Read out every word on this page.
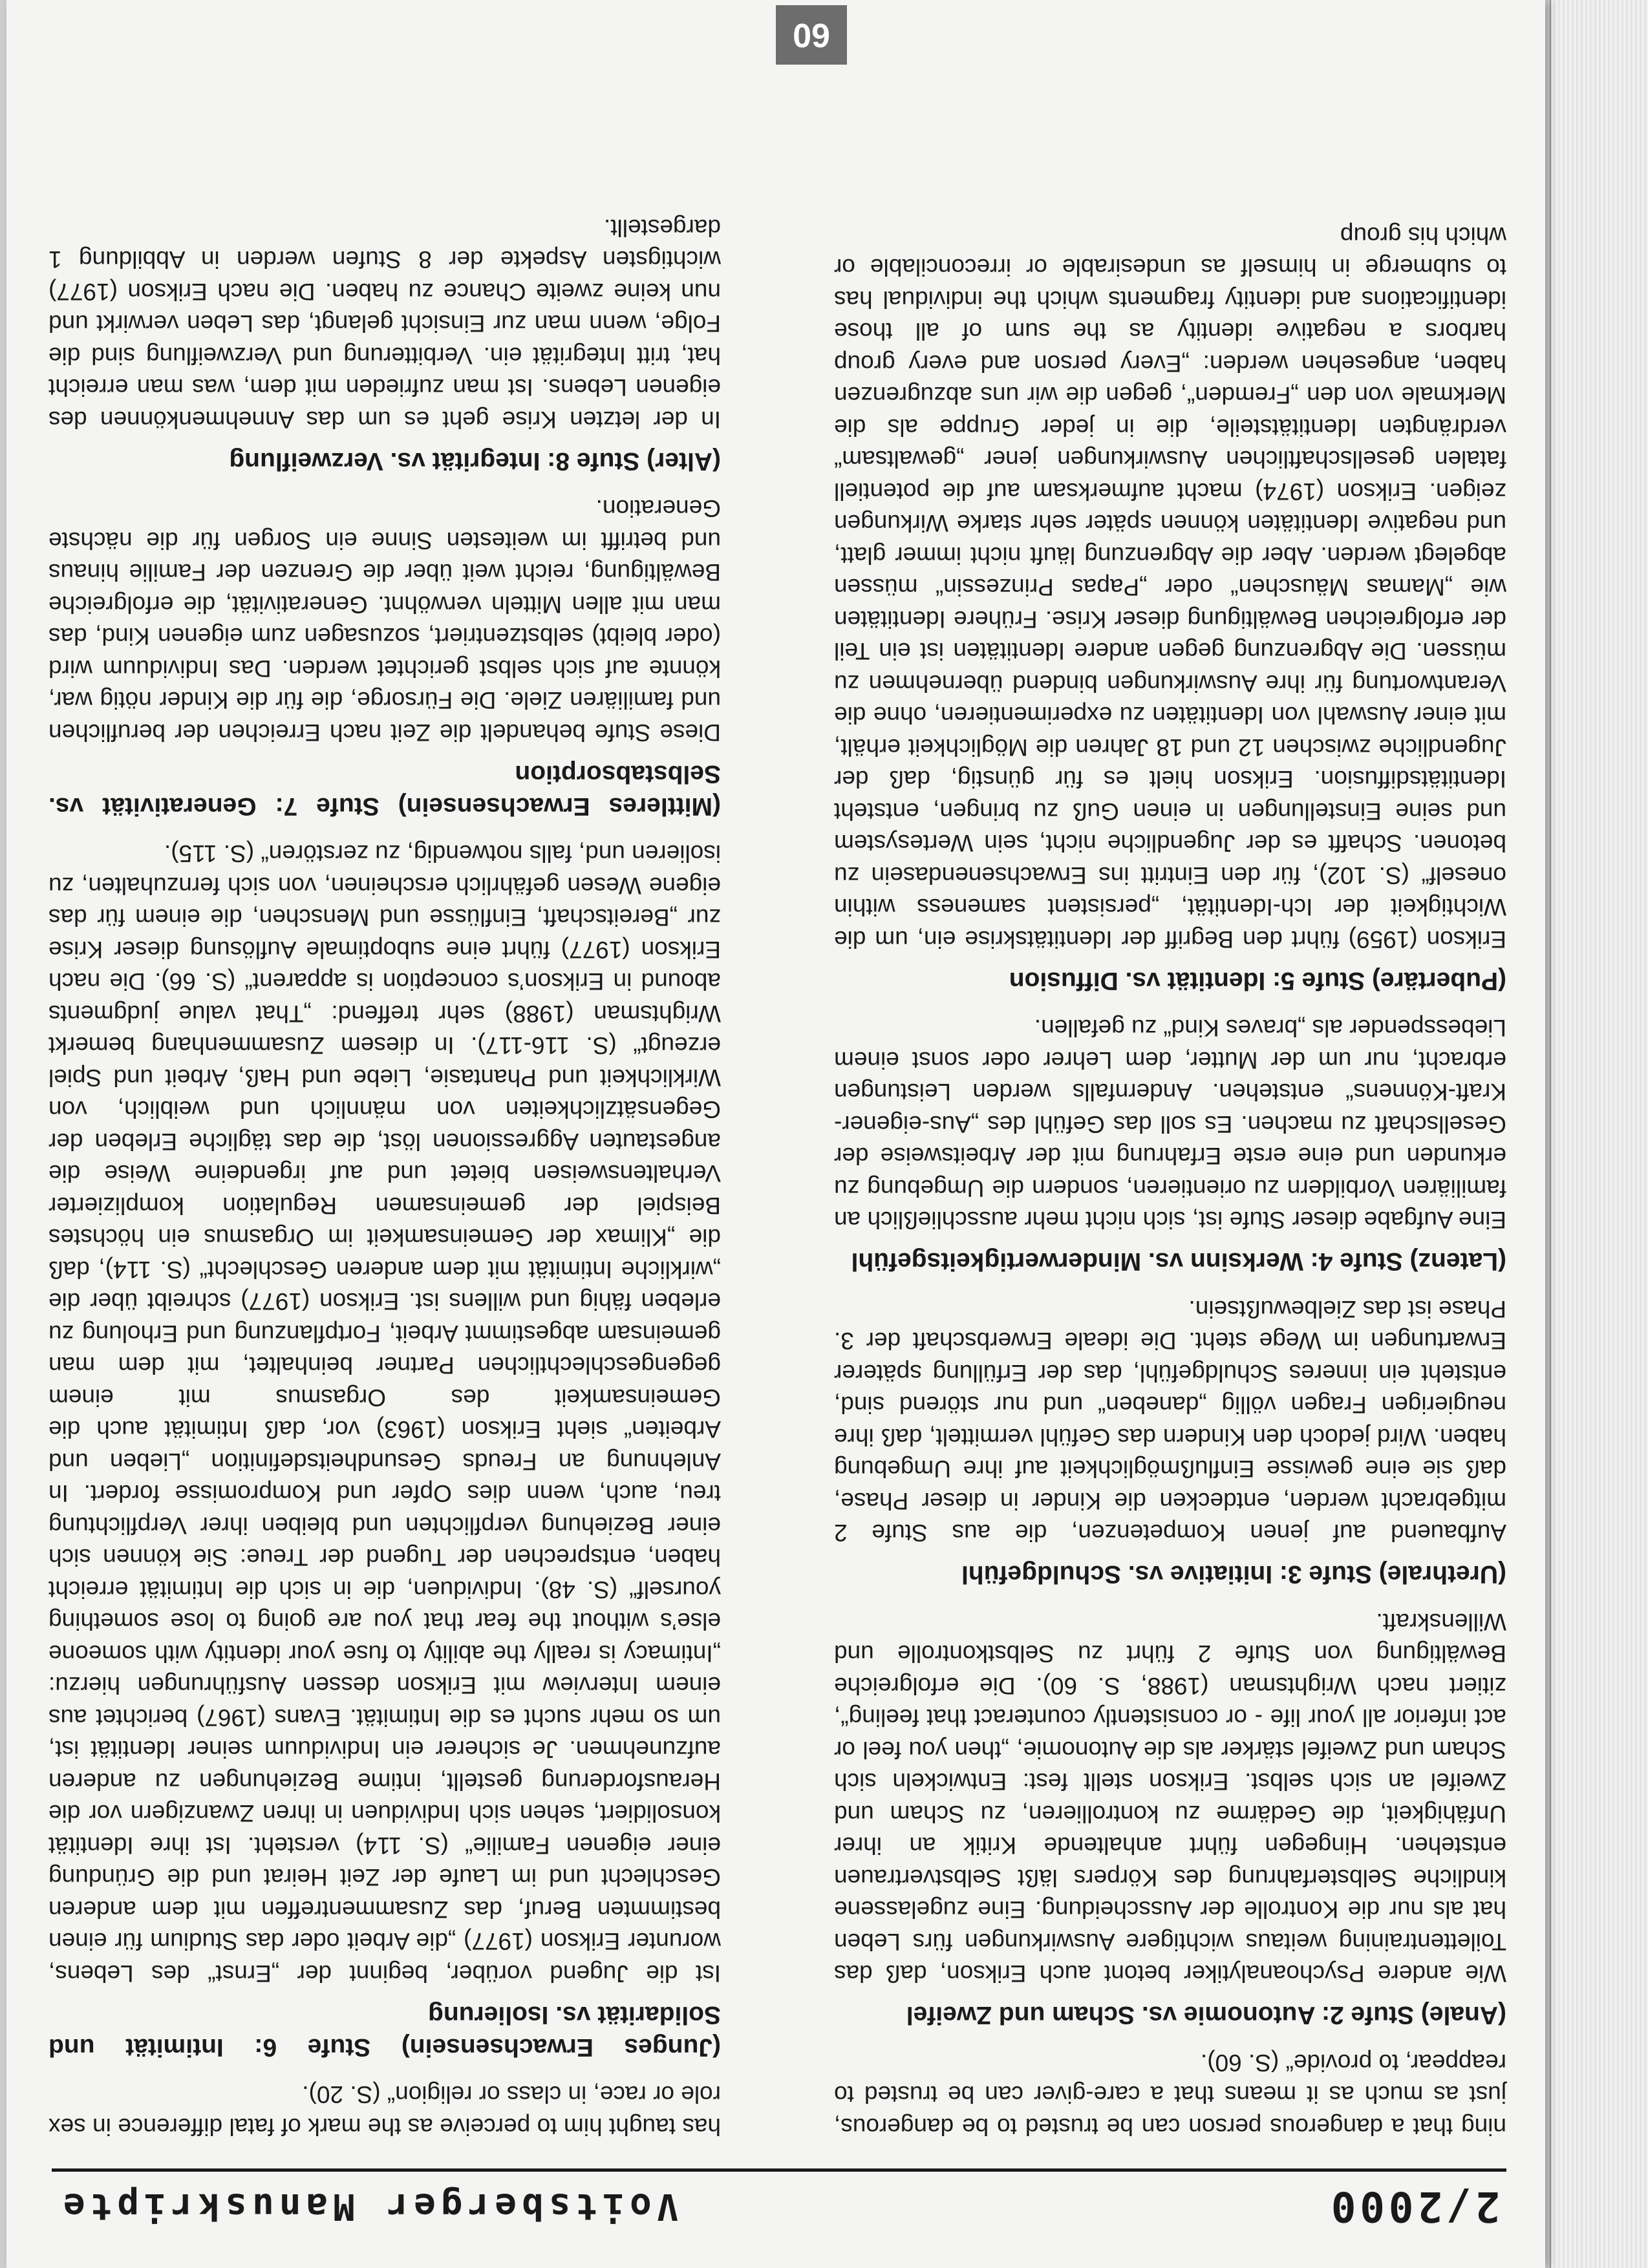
2/2000
Voitsberger Manuskripte

ning that a dangerous person can be trusted to be dangerous, just as much as it means that a care-giver can be trusted to reappear, to provide“ (S. 60).

(Anale) Stufe 2: Autonomie vs. Scham und Zweifel

Wie andere Psychoanalytiker betont auch Erikson, daß das Toilettentraining weitaus wichtigere Auswirkungen fürs Leben hat als nur die Kontrolle der Ausscheidung. Eine zugelassene kindliche Selbsterfahrung des Körpers läßt Selbstvertrauen entstehen. Hingegen führt anhaltende Kritik an ihrer Unfähigkeit, die Gedärme zu kontrollieren, zu Scham und Zweifel an sich selbst. Erikson stellt fest: Entwickeln sich Scham und Zweifel stärker als die Autonomie, „then you feel or act inferior all your life - or consistently counteract that feeling“, zitiert nach Wrightsman (1988, S. 60). Die erfolgreiche Bewältigung von Stufe 2 führt zu Selbstkontrolle und Willenskraft.

(Urethrale) Stufe 3: Initiative vs. Schuldgefühl

Aufbauend auf jenen Kompetenzen, die aus Stufe 2 mitgebracht werden, entdecken die Kinder in dieser Phase, daß sie eine gewisse Einflußmöglichkeit auf ihre Umgebung haben. Wird jedoch den Kindern das Gefühl vermittelt, daß ihre neugierigen Fragen völlig „daneben“ und nur störend sind, entsteht ein inneres Schuldgefühl, das der Erfüllung späterer Erwartungen im Wege steht. Die ideale Erwerbschaft der 3. Phase ist das Zielbewußtsein.

(Latenz) Stufe 4: Werksinn vs. Minderwertigkeitsgefühl

Eine Aufgabe dieser Stufe ist, sich nicht mehr ausschließlich an familiären Vorbildern zu orientieren, sondern die Umgebung zu erkunden und eine erste Erfahrung mit der Arbeitsweise der Gesellschaft zu machen. Es soll das Gefühl des „Aus-eigener-Kraft-Könnens“ entstehen. Andernfalls werden Leistungen erbracht, nur um der Mutter, dem Lehrer oder sonst einem Liebesspender als „braves Kind“ zu gefallen.

(Pubertäre) Stufe 5: Identität vs. Diffusion

Erikson (1959) führt den Begriff der Identitätskrise ein, um die Wichtigkeit der Ich-Identität, „persistent sameness within oneself“ (S. 102), für den Eintritt ins Erwachsenendasein zu betonen. Schafft es der Jugendliche nicht, sein Wertesystem und seine Einstellungen in einen Guß zu bringen, entsteht Identitätsdiffusion. Erikson hielt es für günstig, daß der Jugendliche zwischen 12 und 18 Jahren die Möglichkeit erhält, mit einer Auswahl von Identitäten zu experimentieren, ohne die Verantwortung für ihre Auswirkungen bindend übernehmen zu müssen. Die Abgrenzung gegen andere Identitäten ist ein Teil der erfolgreichen Bewältigung dieser Krise. Frühere Identitäten wie „Mamas Mäuschen“ oder „Papas Prinzessin“ müssen abgelegt werden. Aber die Abgrenzung läuft nicht immer glatt, und negative Identitäten können später sehr starke Wirkungen zeigen. Erikson (1974) macht aufmerksam auf die potentiell fatalen gesellschaftlichen Auswirkungen jener „gewaltsam“ verdrängten Identitätsteile, die in jeder Gruppe als die Merkmale von den „Fremden“, gegen die wir uns abzugrenzen haben, angesehen werden: „Every person and every group harbors a negative identity as the sum of all those identifications and identity fragments which the individual has to submerge in himself as undesirable or irreconcilable or which his group

has taught him to perceive as the mark of fatal difference in sex role or race, in class or religion“ (S. 20).

(Junges Erwachsensein) Stufe 6: Intimität und Solidarität vs. Isolierung

Ist die Jugend vorüber, beginnt der „Ernst“ des Lebens, worunter Erikson (1977) „die Arbeit oder das Studium für einen bestimmten Beruf, das Zusammentreffen mit dem anderen Geschlecht und im Laufe der Zeit Heirat und die Gründung einer eigenen Familie“ (S. 114) versteht. Ist ihre Identität konsolidiert, sehen sich Individuen in ihren Zwanzigern vor die Herausforderung gestellt, intime Beziehungen zu anderen aufzunehmen. Je sicherer ein Individuum seiner Identität ist, um so mehr sucht es die Intimität. Evans (1967) berichtet aus einem Interview mit Erikson dessen Ausführungen hierzu: „Intimacy is really the ability to fuse your identity with someone else’s without the fear that you are going to lose something yourself“ (S. 48). Individuen, die in sich die Intimität erreicht haben, entsprechen der Tugend der Treue: Sie können sich einer Beziehung verpflichten und bleiben ihrer Verpflichtung treu, auch, wenn dies Opfer und Kompromisse fordert. In Anlehnung an Freuds Gesundheitsdefinition „Lieben und Arbeiten“ sieht Erikson (1963) vor, daß Intimität auch die Gemeinsamkeit des Orgasmus mit einem gegengeschlechtlichen Partner beinhaltet, mit dem man gemeinsam abgestimmt Arbeit, Fortpflanzung und Erholung zu erleben fähig und willens ist. Erikson (1977) schreibt über die „wirkliche Intimität mit dem anderen Geschlecht“ (S. 114), daß die „Klimax der Gemeinsamkeit im Orgasmus ein höchstes Beispiel der gemeinsamen Regulation komplizierter Verhaltensweisen bietet und auf irgendeine Weise die angestauten Aggressionen löst, die das tägliche Erleben der Gegensätzlichkeiten von männlich und weiblich, von Wirklichkeit und Phantasie, Liebe und Haß, Arbeit und Spiel erzeugt“ (S. 116-117). In diesem Zusammenhang bemerkt Wrightsman (1988) sehr treffend: „That value judgments abound in Erikson’s conception is apparent“ (S. 66). Die nach Erikson (1977) führt eine suboptimale Auflösung dieser Krise zur „Bereitschaft, Einflüsse und Menschen, die einem für das eigene Wesen gefährlich erscheinen, von sich fernzuhalten, zu isolieren und, falls notwendig, zu zerstören“ (S. 115).

(Mittleres Erwachsensein) Stufe 7: Generativität vs. Selbstabsorption

Diese Stufe behandelt die Zeit nach Erreichen der beruflichen und familiären Ziele. Die Fürsorge, die für die Kinder nötig war, könnte auf sich selbst gerichtet werden. Das Individuum wird (oder bleibt) selbstzentriert, sozusagen zum eigenen Kind, das man mit allen Mitteln verwöhnt. Generativität, die erfolgreiche Bewältigung, reicht weit über die Grenzen der Familie hinaus und betrifft im weitesten Sinne ein Sorgen für die nächste Generation.

(Alter) Stufe 8: Integrität vs. Verzweiflung

In der letzten Krise geht es um das Annehmenkönnen des eigenen Lebens. Ist man zufrieden mit dem, was man erreicht hat, tritt Integrität ein. Verbitterung und Verzweiflung sind die Folge, wenn man zur Einsicht gelangt, das Leben verwirkt und nun keine zweite Chance zu haben. Die nach Erikson (1977) wichtigsten Aspekte der 8 Stufen werden in Abbildung 1 dargestellt.

60
